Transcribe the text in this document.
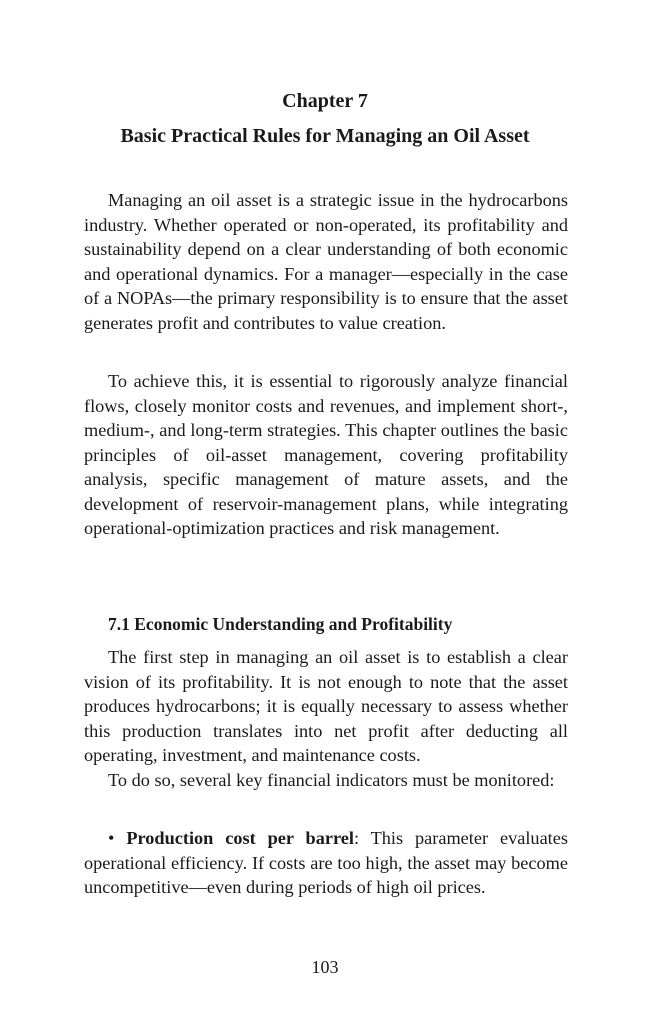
Chapter 7
Basic Practical Rules for Managing an Oil Asset

Managing an oil asset is a strategic issue in the hydrocarbons industry. Whether operated or non-operated, its profitability and sustainability depend on a clear understanding of both economic and operational dynamics. For a manager—especially in the case of a NOPAs—the primary responsibility is to ensure that the asset generates profit and contributes to value creation.

To achieve this, it is essential to rigorously analyze financial flows, closely monitor costs and revenues, and implement short-, medium-, and long-term strategies. This chapter outlines the basic principles of oil-asset management, covering profitability analysis, specific management of mature assets, and the development of reservoir-management plans, while integrating operational-optimization practices and risk management.

7.1 Economic Understanding and Profitability

The first step in managing an oil asset is to establish a clear vision of its profitability. It is not enough to note that the asset produces hydrocarbons; it is equally necessary to assess whether this production translates into net profit after deducting all operating, investment, and maintenance costs.

To do so, several key financial indicators must be monitored:

• Production cost per barrel: This parameter evaluates operational efficiency. If costs are too high, the asset may become uncompetitive—even during periods of high oil prices.

103
